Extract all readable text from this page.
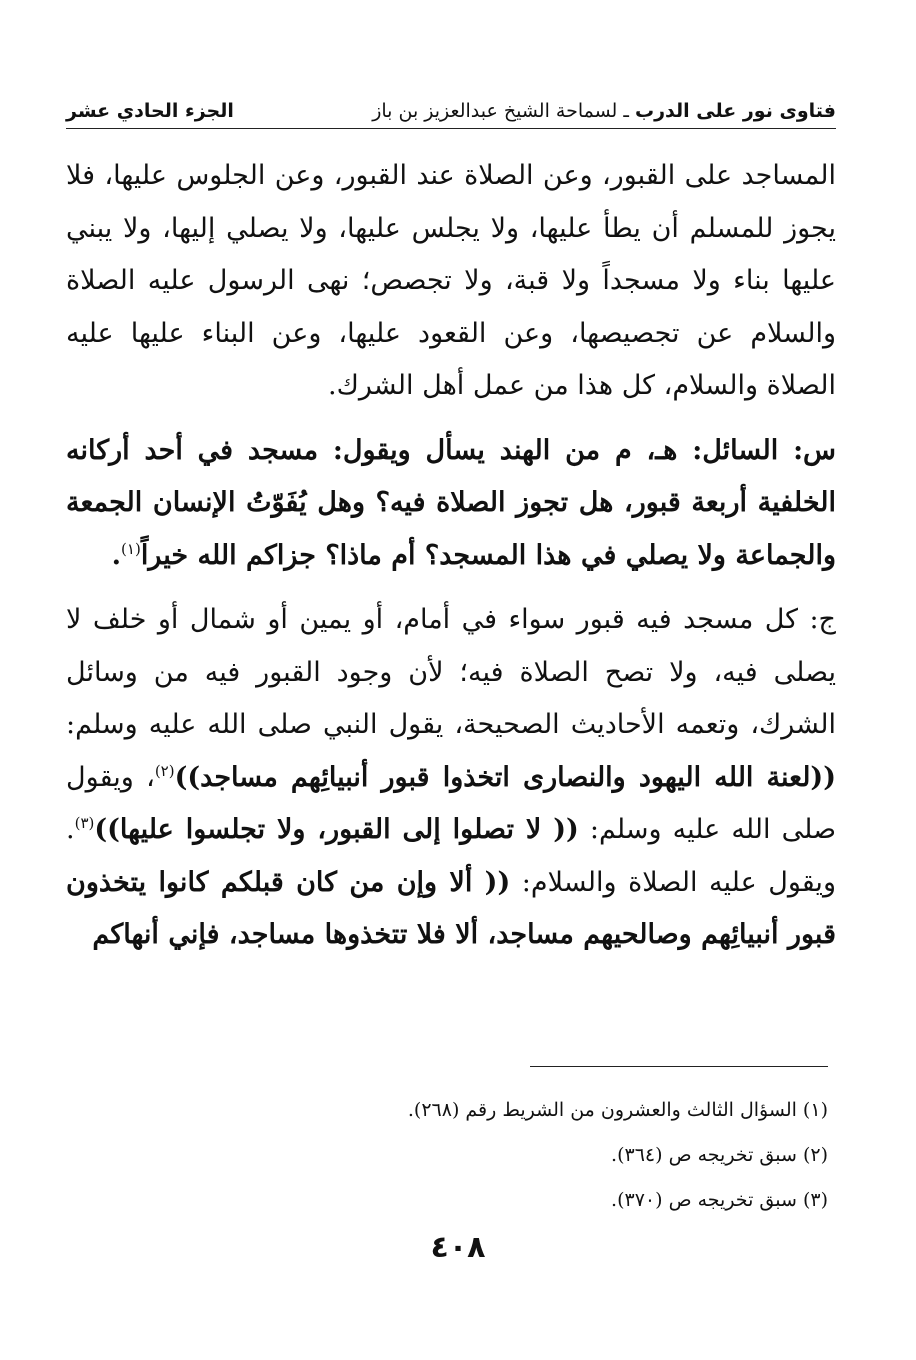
فتاوى نور على الدرب ـ لسماحة الشيخ عبدالعزيز بن باز
الجزء الحادي عشر

المساجد على القبور، وعن الصلاة عند القبور، وعن الجلوس عليها، فلا يجوز للمسلم أن يطأ عليها، ولا يجلس عليها، ولا يصلي إليها، ولا يبني عليها بناء ولا مسجداً ولا قبة، ولا تجصص؛ نهى الرسول عليه الصلاة والسلام عن تجصيصها، وعن القعود عليها، وعن البناء عليها عليه الصلاة والسلام، كل هذا من عمل أهل الشرك.

س: السائل: هـ، م من الهند يسأل ويقول: مسجد في أحد أركانه الخلفية أربعة قبور، هل تجوز الصلاة فيه؟ وهل يُفَوّتُ الإنسان الجمعة والجماعة ولا يصلي في هذا المسجد؟ أم ماذا؟ جزاكم الله خيراً$^{(١)}$.

ج: كل مسجد فيه قبور سواء في أمام، أو يمين أو شمال أو خلف لا يصلى فيه، ولا تصح الصلاة فيه؛ لأن وجود القبور فيه من وسائل الشرك، وتعمه الأحاديث الصحيحة، يقول النبي صلى الله عليه وسلم: ((لعنة الله اليهود والنصارى اتخذوا قبور أنبيائِهم مساجد))$^{(٢)}$، ويقول صلى الله عليه وسلم: (( لا تصلوا إلى القبور، ولا تجلسوا عليها))$^{(٣)}$. ويقول عليه الصلاة والسلام: (( ألا وإن من كان قبلكم كانوا يتخذون قبور أنبيائِهم وصالحيهم مساجد، ألا فلا تتخذوها مساجد، فإني أنهاكم

(١) السؤال الثالث والعشرون من الشريط رقم (٢٦٨).

(٢) سبق تخريجه ص (٣٦٤).

(٣) سبق تخريجه ص (٣٧٠).

٤٠٨
